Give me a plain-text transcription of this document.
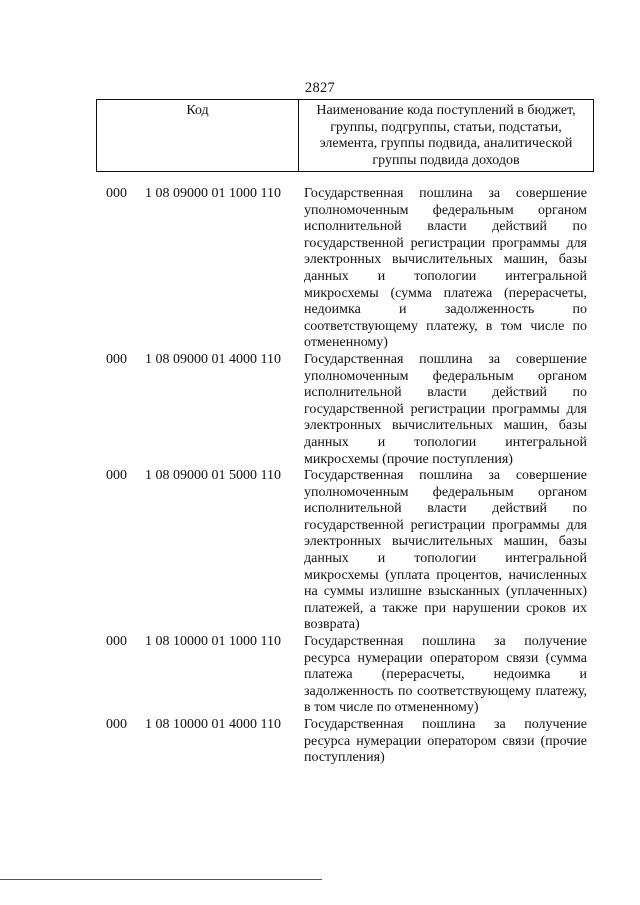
2827
Код	Наименование кода поступлений в бюджет, группы, подгруппы, статьи, подстатьи, элемента, группы подвида, аналитической группы подвида доходов
000 1 08 09000 01 1000 110 Государственная пошлина за совершение уполномоченным федеральным органом исполнительной власти действий по государственной регистрации программы для электронных вычислительных машин, базы данных и топологии интегральной микросхемы (сумма платежа (перерасчеты, недоимка и задолженность по соответствующему платежу, в том числе по отмененному)
000 1 08 09000 01 4000 110 Государственная пошлина за совершение уполномоченным федеральным органом исполнительной власти действий по государственной регистрации программы для электронных вычислительных машин, базы данных и топологии интегральной микросхемы (прочие поступления)
000 1 08 09000 01 5000 110 Государственная пошлина за совершение уполномоченным федеральным органом исполнительной власти действий по государственной регистрации программы для электронных вычислительных машин, базы данных и топологии интегральной микросхемы (уплата процентов, начисленных на суммы излишне взысканных (уплаченных) платежей, а также при нарушении сроков их возврата)
000 1 08 10000 01 1000 110 Государственная пошлина за получение ресурса нумерации оператором связи (сумма платежа (перерасчеты, недоимка и задолженность по соответствующему платежу, в том числе по отмененному)
000 1 08 10000 01 4000 110 Государственная пошлина за получение ресурса нумерации оператором связи (прочие поступления)
